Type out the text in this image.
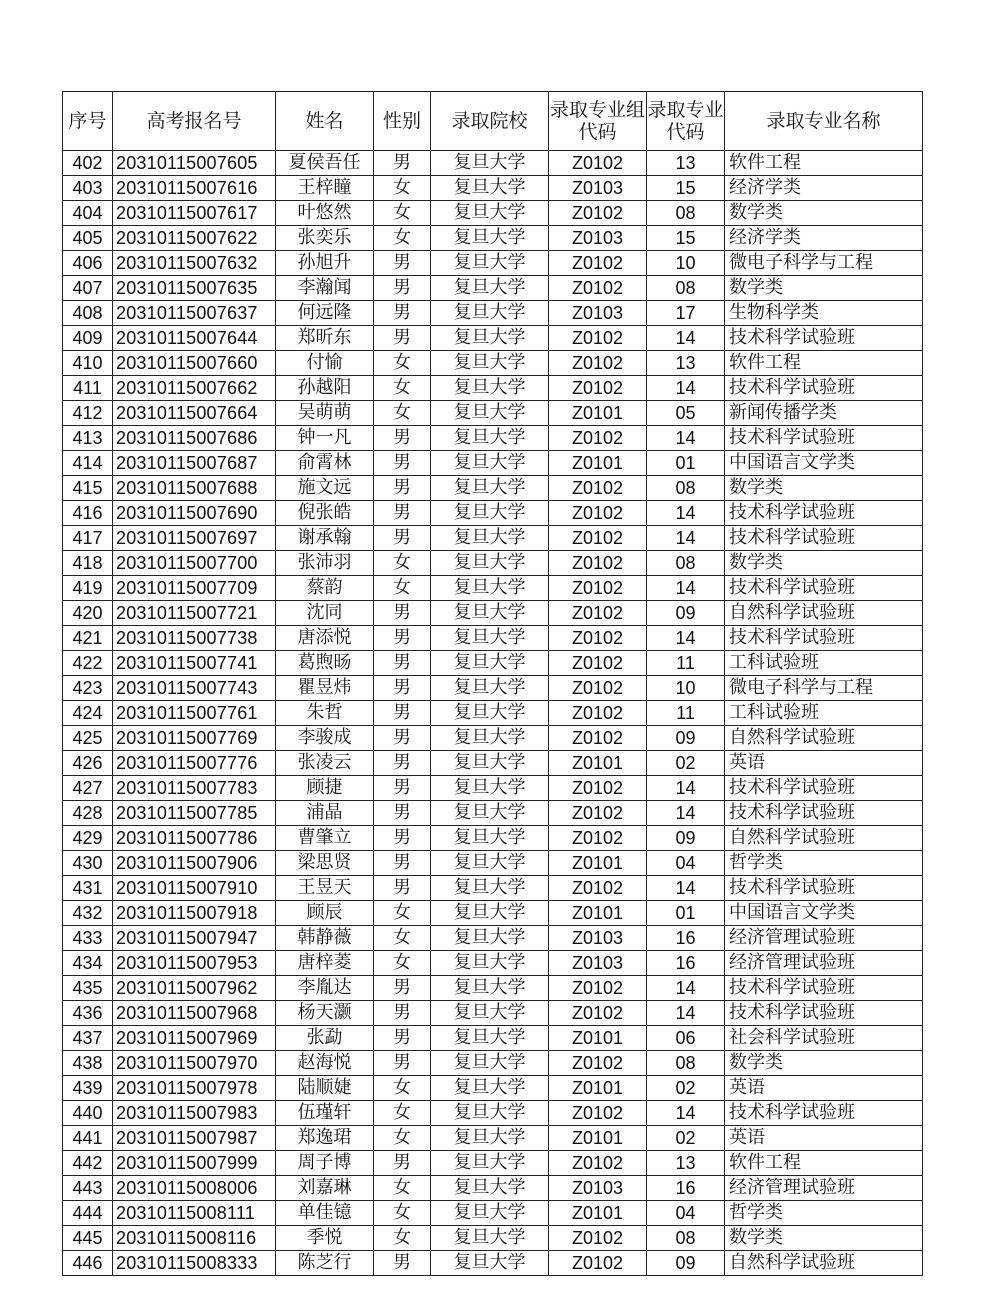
序号	高考报名号	姓名	性别	录取院校	录取专业组代码	录取专业代码	录取专业名称
402	20310115007605	夏侯吾任	男	复旦大学	Z0102	13	软件工程
403	20310115007616	王梓瞳	女	复旦大学	Z0103	15	经济学类
404	20310115007617	叶悠然	女	复旦大学	Z0102	08	数学类
405	20310115007622	张奕乐	女	复旦大学	Z0103	15	经济学类
406	20310115007632	孙旭升	男	复旦大学	Z0102	10	微电子科学与工程
407	20310115007635	李瀚闻	男	复旦大学	Z0102	08	数学类
408	20310115007637	何远隆	男	复旦大学	Z0103	17	生物科学类
409	20310115007644	郑昕东	男	复旦大学	Z0102	14	技术科学试验班
410	20310115007660	付愉	女	复旦大学	Z0102	13	软件工程
411	20310115007662	孙越阳	女	复旦大学	Z0102	14	技术科学试验班
412	20310115007664	吴萌萌	女	复旦大学	Z0101	05	新闻传播学类
413	20310115007686	钟一凡	男	复旦大学	Z0102	14	技术科学试验班
414	20310115007687	俞霄林	男	复旦大学	Z0101	01	中国语言文学类
415	20310115007688	施文远	男	复旦大学	Z0102	08	数学类
416	20310115007690	倪张皓	男	复旦大学	Z0102	14	技术科学试验班
417	20310115007697	谢承翰	男	复旦大学	Z0102	14	技术科学试验班
418	20310115007700	张沛羽	女	复旦大学	Z0102	08	数学类
419	20310115007709	蔡韵	女	复旦大学	Z0102	14	技术科学试验班
420	20310115007721	沈同	男	复旦大学	Z0102	09	自然科学试验班
421	20310115007738	唐添悦	男	复旦大学	Z0102	14	技术科学试验班
422	20310115007741	葛煦旸	男	复旦大学	Z0102	11	工科试验班
423	20310115007743	瞿昱炜	男	复旦大学	Z0102	10	微电子科学与工程
424	20310115007761	朱哲	男	复旦大学	Z0102	11	工科试验班
425	20310115007769	李骏成	男	复旦大学	Z0102	09	自然科学试验班
426	20310115007776	张凌云	男	复旦大学	Z0101	02	英语
427	20310115007783	顾捷	男	复旦大学	Z0102	14	技术科学试验班
428	20310115007785	浦晶	男	复旦大学	Z0102	14	技术科学试验班
429	20310115007786	曹肇立	男	复旦大学	Z0102	09	自然科学试验班
430	20310115007906	梁思贤	男	复旦大学	Z0101	04	哲学类
431	20310115007910	王昱天	男	复旦大学	Z0102	14	技术科学试验班
432	20310115007918	顾辰	女	复旦大学	Z0101	01	中国语言文学类
433	20310115007947	韩静薇	女	复旦大学	Z0103	16	经济管理试验班
434	20310115007953	唐梓菱	女	复旦大学	Z0103	16	经济管理试验班
435	20310115007962	李胤达	男	复旦大学	Z0102	14	技术科学试验班
436	20310115007968	杨天灏	男	复旦大学	Z0102	14	技术科学试验班
437	20310115007969	张勐	男	复旦大学	Z0101	06	社会科学试验班
438	20310115007970	赵海悦	男	复旦大学	Z0102	08	数学类
439	20310115007978	陆顺婕	女	复旦大学	Z0101	02	英语
440	20310115007983	伍瑾轩	女	复旦大学	Z0102	14	技术科学试验班
441	20310115007987	郑逸珺	女	复旦大学	Z0101	02	英语
442	20310115007999	周子博	男	复旦大学	Z0102	13	软件工程
443	20310115008006	刘嘉琳	女	复旦大学	Z0103	16	经济管理试验班
444	20310115008111	单佳镱	女	复旦大学	Z0101	04	哲学类
445	20310115008116	季悦	女	复旦大学	Z0102	08	数学类
446	20310115008333	陈芝行	男	复旦大学	Z0102	09	自然科学试验班
